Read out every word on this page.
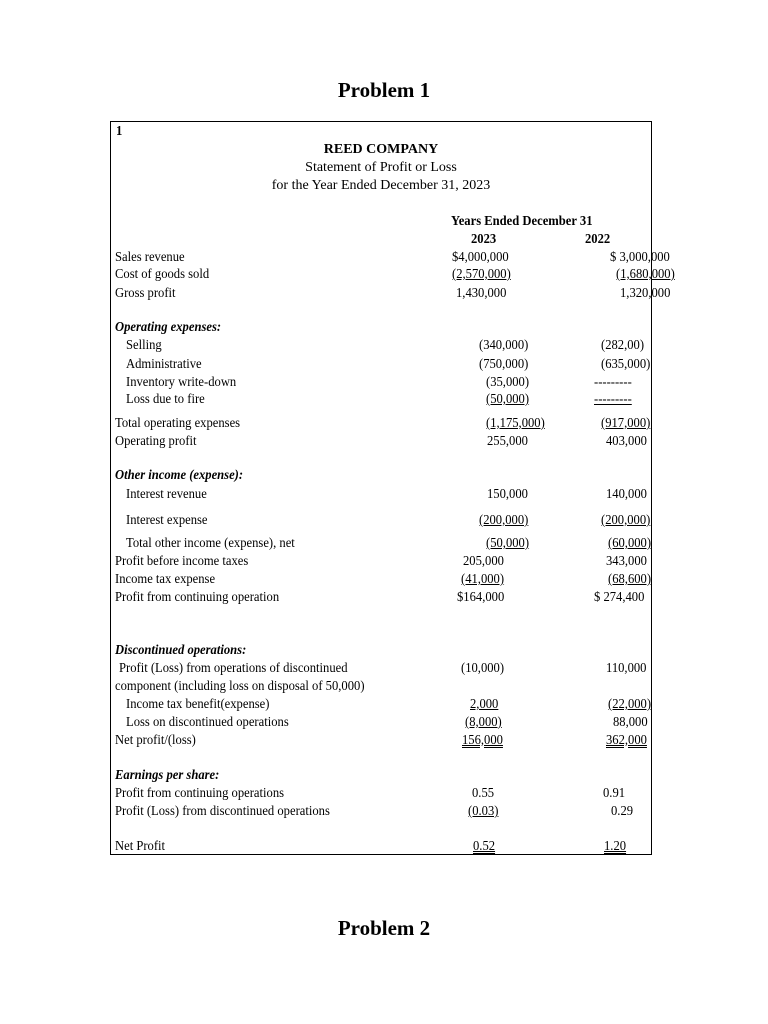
Problem 1
1
REED COMPANY
Statement of Profit or Loss
for the Year Ended December 31, 2023
Years Ended December 31
2023	2022
Sales revenue	$4,000,000	$ 3,000,000
Cost of goods sold	(2,570,000)	(1,680,000)
Gross profit	1,430,000	1,320,000
Operating expenses:
Selling	(340,000)	(282,00)
Administrative	(750,000)	(635,000)
Inventory write-down	(35,000)	---------
Loss due to fire	(50,000)	---------
Total operating expenses	(1,175,000)	(917,000)
Operating profit	255,000	403,000
Other income (expense):
Interest revenue	150,000	140,000
Interest expense	(200,000)	(200,000)
Total other income (expense), net	(50,000)	(60,000)
Profit before income taxes	205,000	343,000
Income tax expense	(41,000)	(68,600)
Profit from continuing operation	$164,000	$ 274,400
Discontinued operations:
Profit (Loss) from operations of discontinued	(10,000)	110,000
component (including loss on disposal of 50,000)
Income tax benefit(expense)	2,000	(22,000)
Loss on discontinued operations	(8,000)	88,000
Net profit/(loss)	156,000	362,000
Earnings per share:
Profit from continuing operations	0.55	0.91
Profit (Loss) from discontinued operations	(0.03)	0.29
Net Profit	0.52	1.20
Problem 2
